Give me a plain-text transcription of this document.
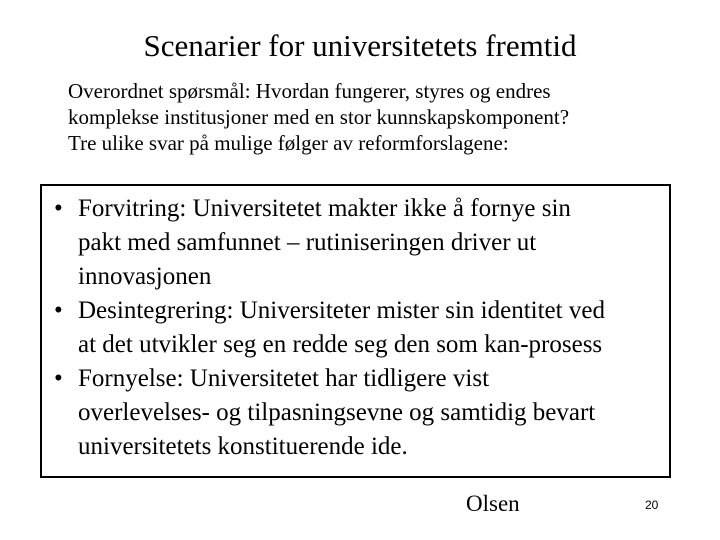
Scenarier for universitetets fremtid
Overordnet spørsmål: Hvordan fungerer, styres og endres
komplekse institusjoner med en stor kunnskapskomponent?
Tre ulike svar på mulige følger av reformforslagene:
• Forvitring: Universitetet makter ikke å fornye sin
pakt med samfunnet – rutiniseringen driver ut
innovasjonen
• Desintegrering: Universiteter mister sin identitet ved
at det utvikler seg en redde seg den som kan-prosess
• Fornyelse: Universitetet har tidligere vist
overlevelses- og tilpasningsevne og samtidig bevart
universitetets konstituerende ide.
Olsen	20
